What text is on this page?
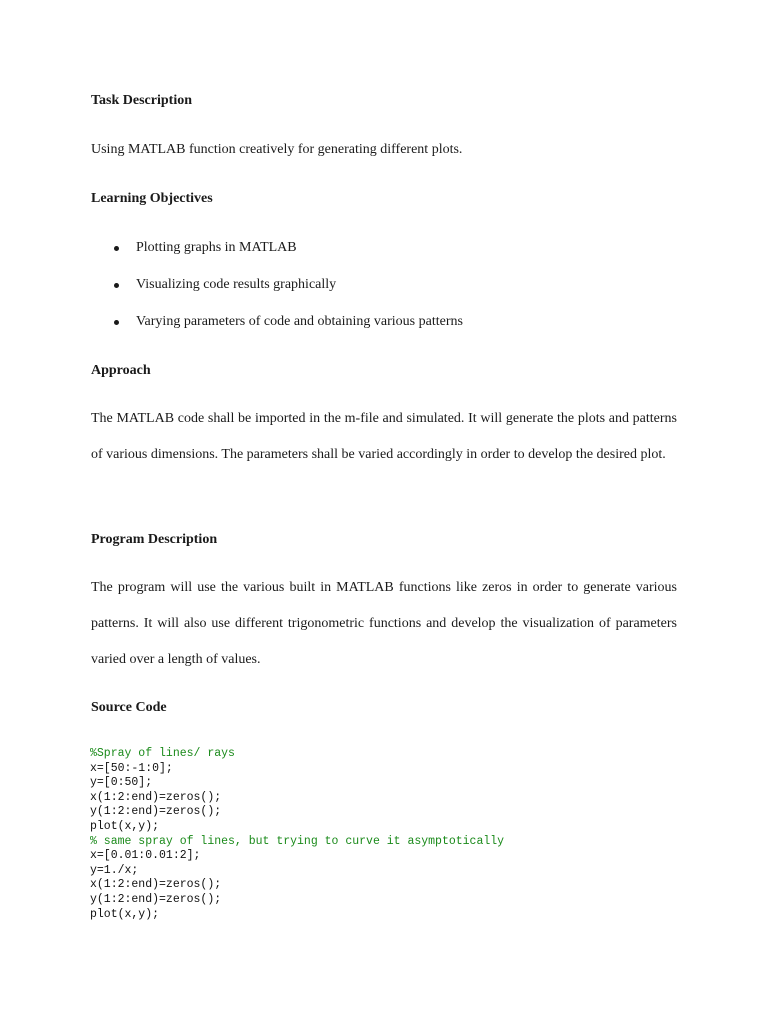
Task Description

Using MATLAB function creatively for generating different plots.

Learning Objectives
Plotting graphs in MATLAB
Visualizing code results graphically
Varying parameters of code and obtaining various patterns
Approach

The MATLAB code shall be imported in the m-file and simulated. It will generate the plots and patterns of various dimensions. The parameters shall be varied accordingly in order to develop the desired plot.

Program Description

The program will use the various built in MATLAB functions like zeros in order to generate various patterns. It will also use different trigonometric functions and develop the visualization of parameters varied over a length of values.

Source Code
%Spray of lines/ rays
x=[50:-1:0];
y=[0:50];
x(1:2:end)=zeros();
y(1:2:end)=zeros();
plot(x,y);
% same spray of lines, but trying to curve it asymptotically
x=[0.01:0.01:2];
y=1./x;
x(1:2:end)=zeros();
y(1:2:end)=zeros();
plot(x,y);
